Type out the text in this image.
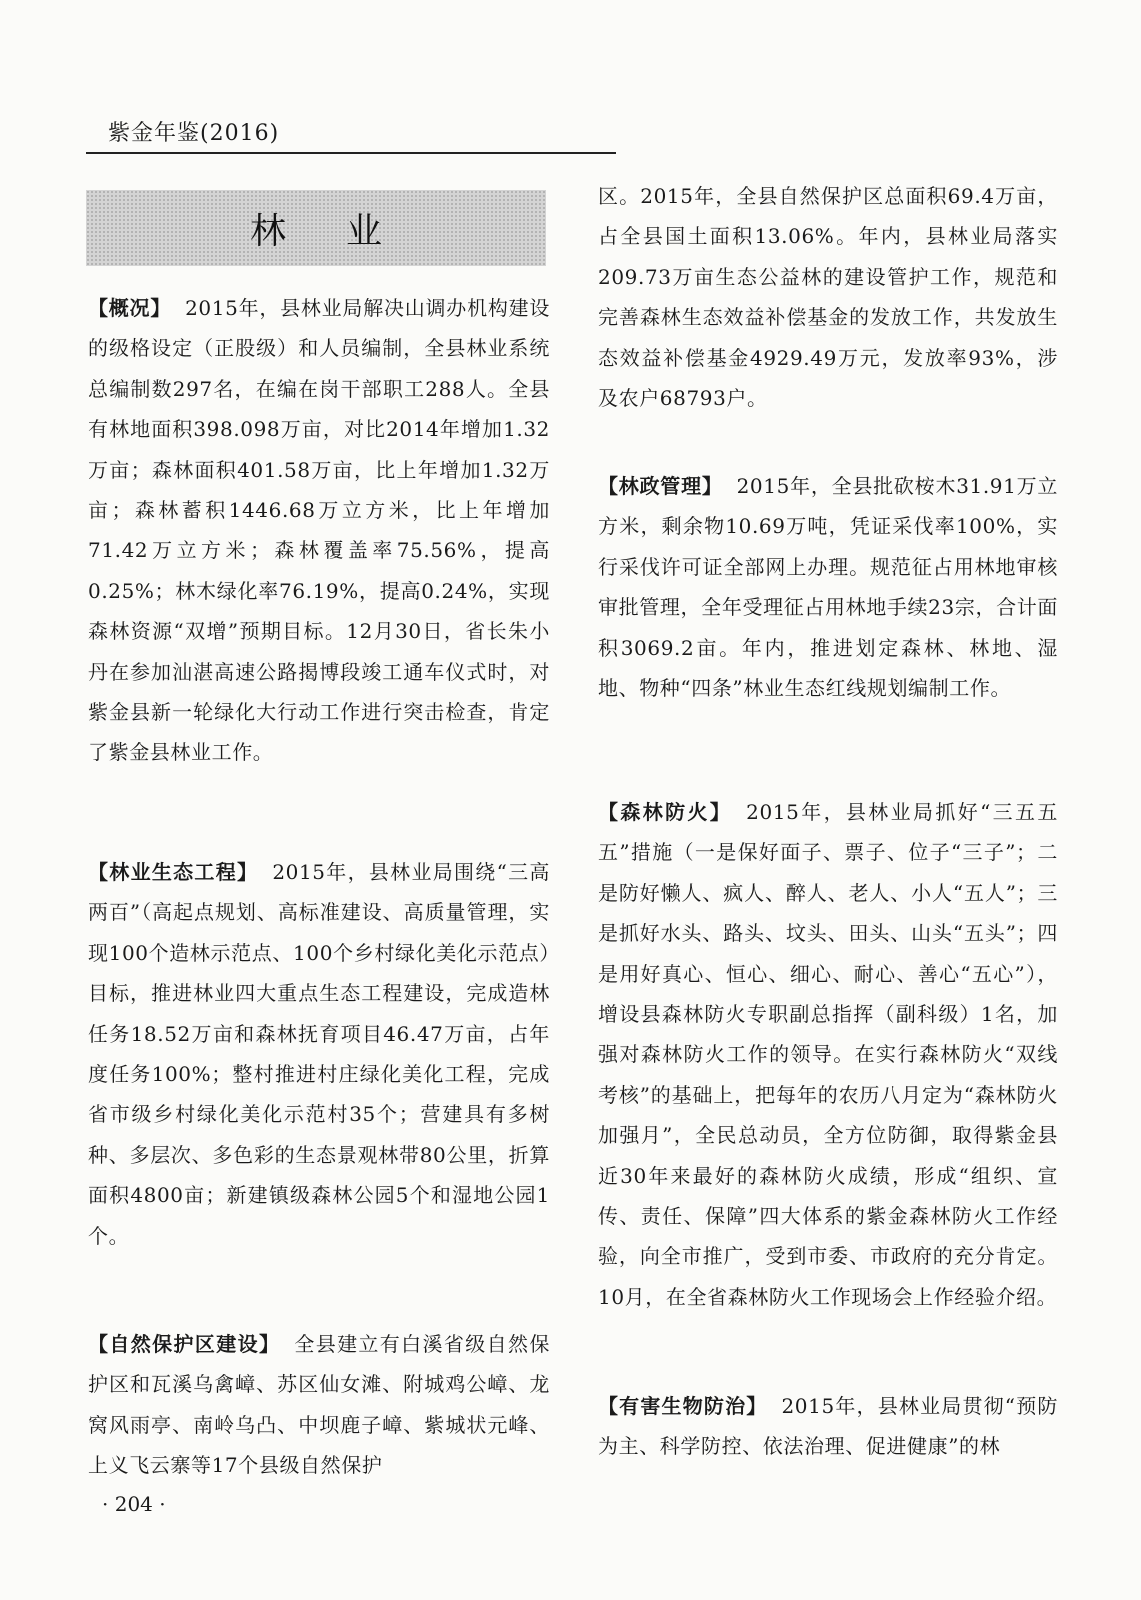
紫金年鉴(2016)
林业

【概况】 2015年，县林业局解决山调办机构建设的级格设定（正股级）和人员编制，全县林业系统总编制数297名，在编在岗干部职工288人。全县有林地面积398.098万亩，对比2014年增加1.32万亩；森林面积401.58万亩，比上年增加1.32万亩；森林蓄积1446.68万立方米，比上年增加71.42万立方米；森林覆盖率75.56%，提高0.25%；林木绿化率76.19%，提高0.24%，实现森林资源“双增”预期目标。12月30日，省长朱小丹在参加汕湛高速公路揭博段竣工通车仪式时，对紫金县新一轮绿化大行动工作进行突击检查，肯定了紫金县林业工作。

【林业生态工程】 2015年，县林业局围绕“三高两百”（高起点规划、高标准建设、高质量管理，实现100个造林示范点、100个乡村绿化美化示范点）目标，推进林业四大重点生态工程建设，完成造林任务18.52万亩和森林抚育项目46.47万亩，占年度任务100%；整村推进村庄绿化美化工程，完成省市级乡村绿化美化示范村35个；营建具有多树种、多层次、多色彩的生态景观林带80公里，折算面积4800亩；新建镇级森林公园5个和湿地公园1个。

【自然保护区建设】 全县建立有白溪省级自然保护区和瓦溪乌禽嶂、苏区仙女滩、附城鸡公嶂、龙窝风雨亭、南岭乌凸、中坝鹿子嶂、紫城状元峰、上义飞云寨等17个县级自然保护

· 204 ·

区。2015年，全县自然保护区总面积69.4万亩，占全县国土面积13.06%。年内，县林业局落实209.73万亩生态公益林的建设管护工作，规范和完善森林生态效益补偿基金的发放工作，共发放生态效益补偿基金4929.49万元，发放率93%，涉及农户68793户。

【林政管理】 2015年，全县批砍桉木31.91万立方米，剩余物10.69万吨，凭证采伐率100%，实行采伐许可证全部网上办理。规范征占用林地审核审批管理，全年受理征占用林地手续23宗，合计面积3069.2亩。年内，推进划定森林、林地、湿地、物种“四条”林业生态红线规划编制工作。

【森林防火】 2015年，县林业局抓好“三五五五”措施（一是保好面子、票子、位子“三子”；二是防好懒人、疯人、醉人、老人、小人“五人”；三是抓好水头、路头、坟头、田头、山头“五头”；四是用好真心、恒心、细心、耐心、善心“五心”），增设县森林防火专职副总指挥（副科级）1名，加强对森林防火工作的领导。在实行森林防火“双线考核”的基础上，把每年的农历八月定为“森林防火加强月”，全民总动员，全方位防御，取得紫金县近30年来最好的森林防火成绩，形成“组织、宣传、责任、保障”四大体系的紫金森林防火工作经验，向全市推广，受到市委、市政府的充分肯定。10月，在全省森林防火工作现场会上作经验介绍。

【有害生物防治】 2015年，县林业局贯彻“预防为主、科学防控、依法治理、促进健康”的林
